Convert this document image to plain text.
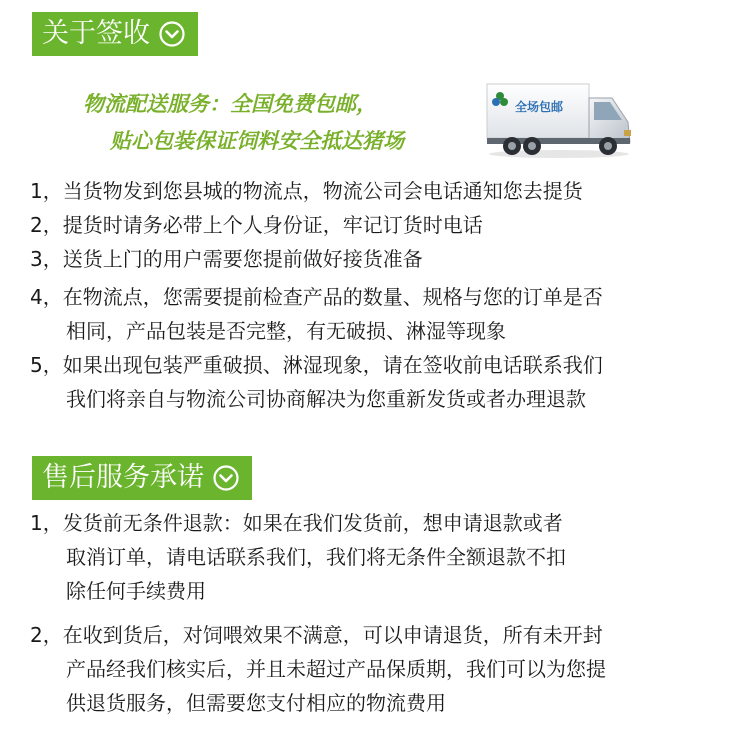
关于签收
物流配送服务：全国免费包邮，
贴心包装保证饲料安全抵达猪场
全场包邮
1，当货物发到您县城的物流点，物流公司会电话通知您去提货
2，提货时请务必带上个人身份证，牢记订货时电话
3，送货上门的用户需要您提前做好接货准备
4，在物流点，您需要提前检查产品的数量、规格与您的订单是否
相同，产品包装是否完整，有无破损、淋湿等现象
5，如果出现包装严重破损、淋湿现象，请在签收前电话联系我们
我们将亲自与物流公司协商解决为您重新发货或者办理退款
售后服务承诺
1，发货前无条件退款：如果在我们发货前，想申请退款或者
取消订单，请电话联系我们，我们将无条件全额退款不扣
除任何手续费用
2，在收到货后，对饲喂效果不满意，可以申请退货，所有未开封
产品经我们核实后，并且未超过产品保质期，我们可以为您提
供退货服务，但需要您支付相应的物流费用
